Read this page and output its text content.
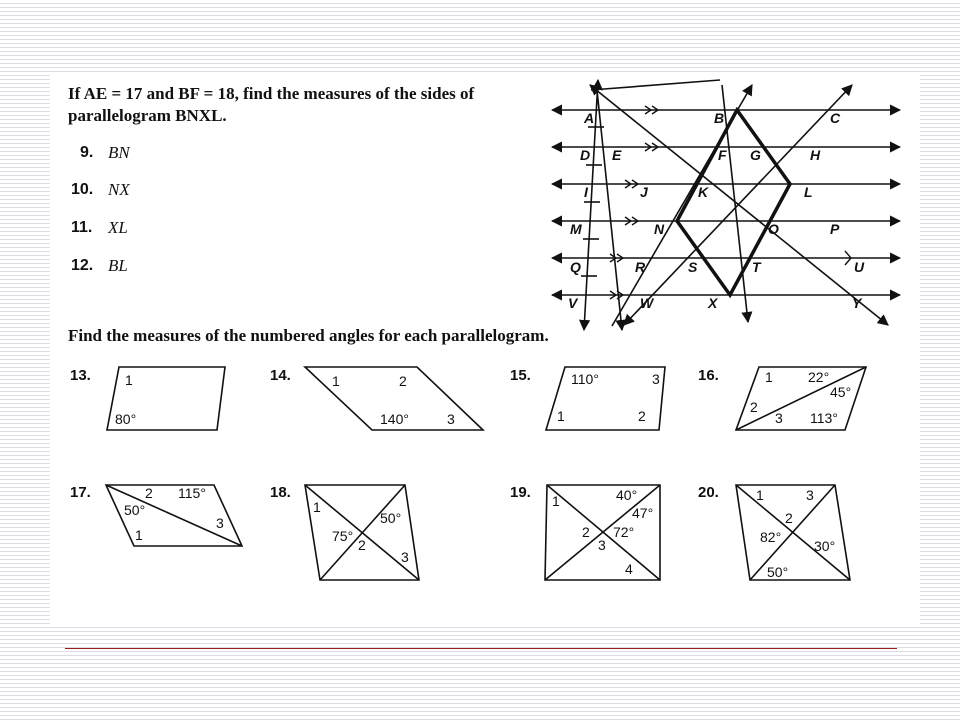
If AE = 17 and BF = 18, find the measures of the sides of
parallelogram BNXL.
9. BN
10. NX
11. XL
12. BL
Find the measures of the numbered angles for each parallelogram.
A	B	C
D E	F G	H
I	J	K	L
M	N	O	P
Q	R	S	T	U
V	W	X	Y
13. 1
80°
14.	1	2
140°	3
15.	110°	3
1	2
16.	1	22°
45°
2
3 113°
17.	2 115°
50°
3
1
18.
1
50°
75°
2
3
19. 1	40°
47°
2
3
72°
4
20.	1	3
2
82°
30°
50°
